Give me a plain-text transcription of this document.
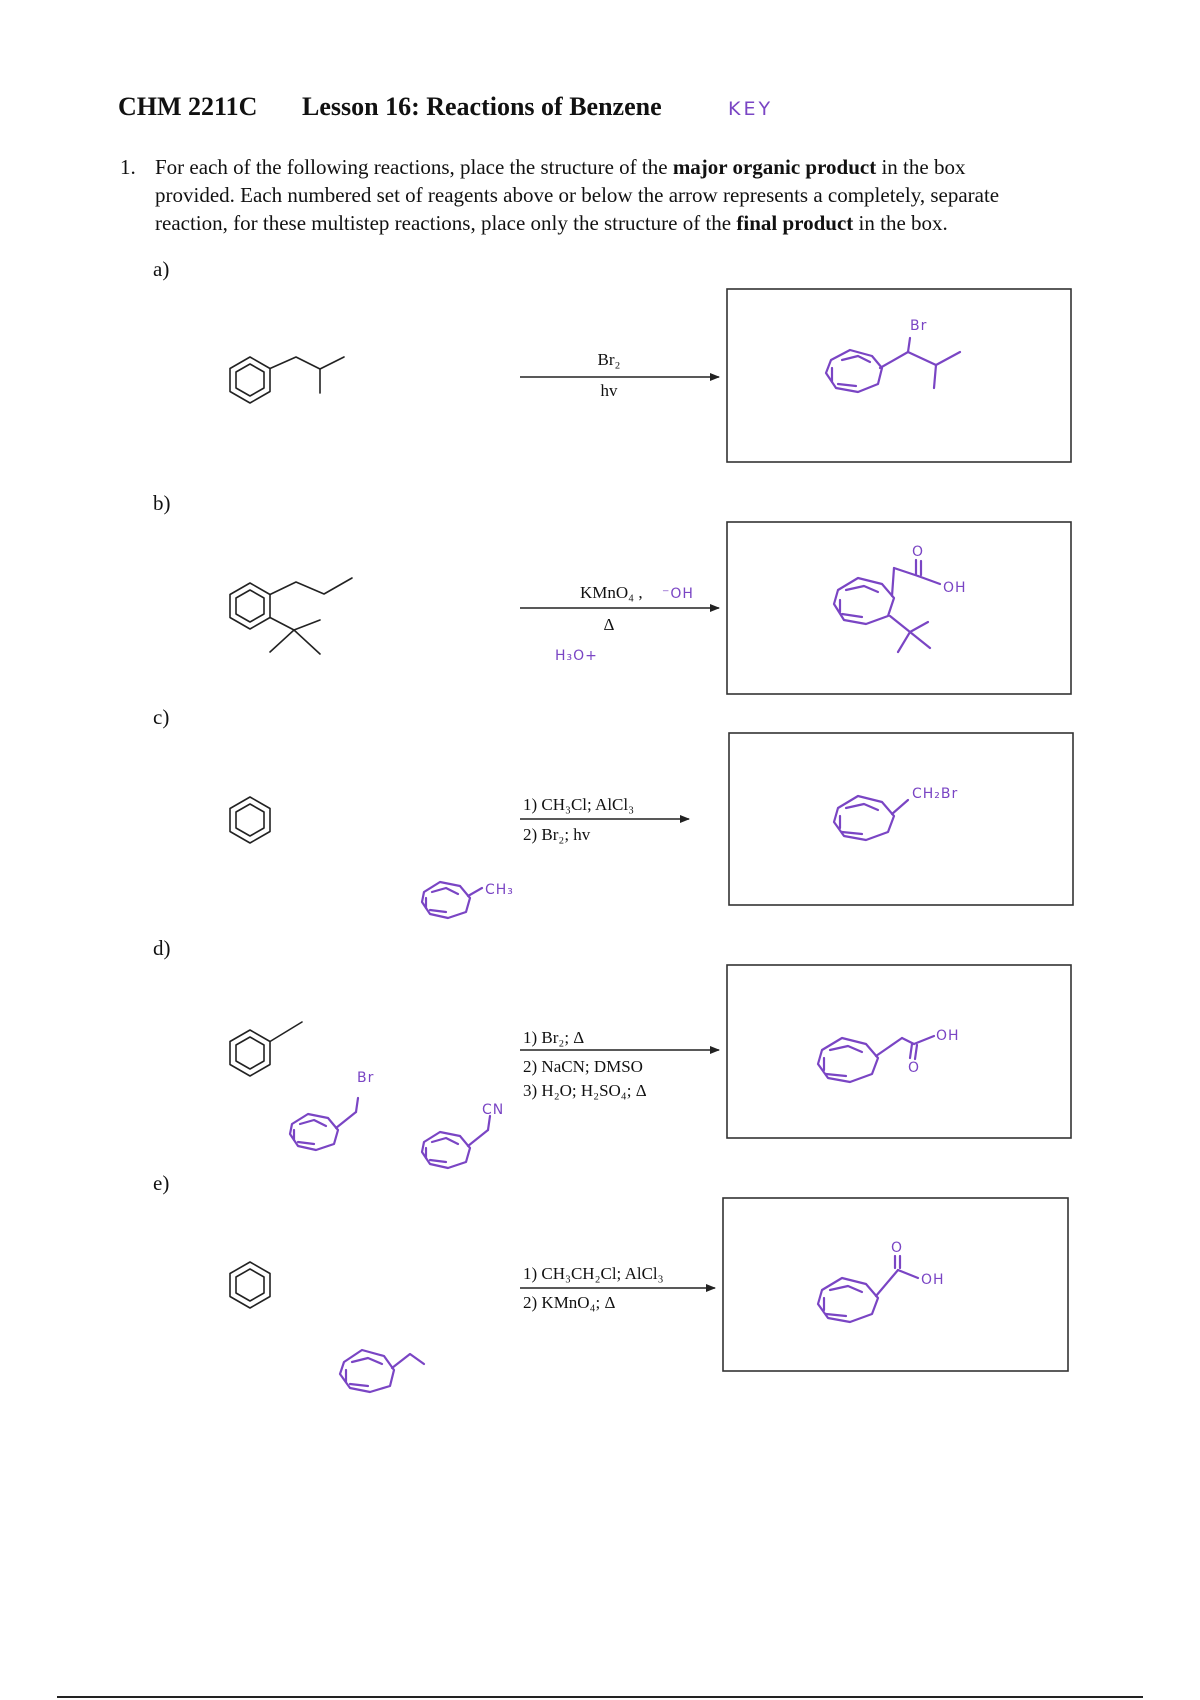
CHM 2211C Lesson 16: Reactions of Benzene	KEY
1. For each of the following reactions, place the structure of the major organic product in the box
provided. Each numbered set of reagents above or below the arrow represents a completely, separate
reaction, for these multistep reactions, place only the structure of the final product in the box.
a)
Br₂
hv
Br
b)
KMnO₄ , ⁻OH
Δ
H₃O+
O
OH
c)
1) CH₃Cl; AlCl₃
2) Br₂; hv
CH₃
CH₂Br
d)
1) Br₂; Δ
2) NaCN; DMSO
3) H₂O; H₂SO₄; Δ
Br
CN
OH
O
e)
1) CH₃CH₂Cl; AlCl₃
2) KMnO₄; Δ
O
OH
